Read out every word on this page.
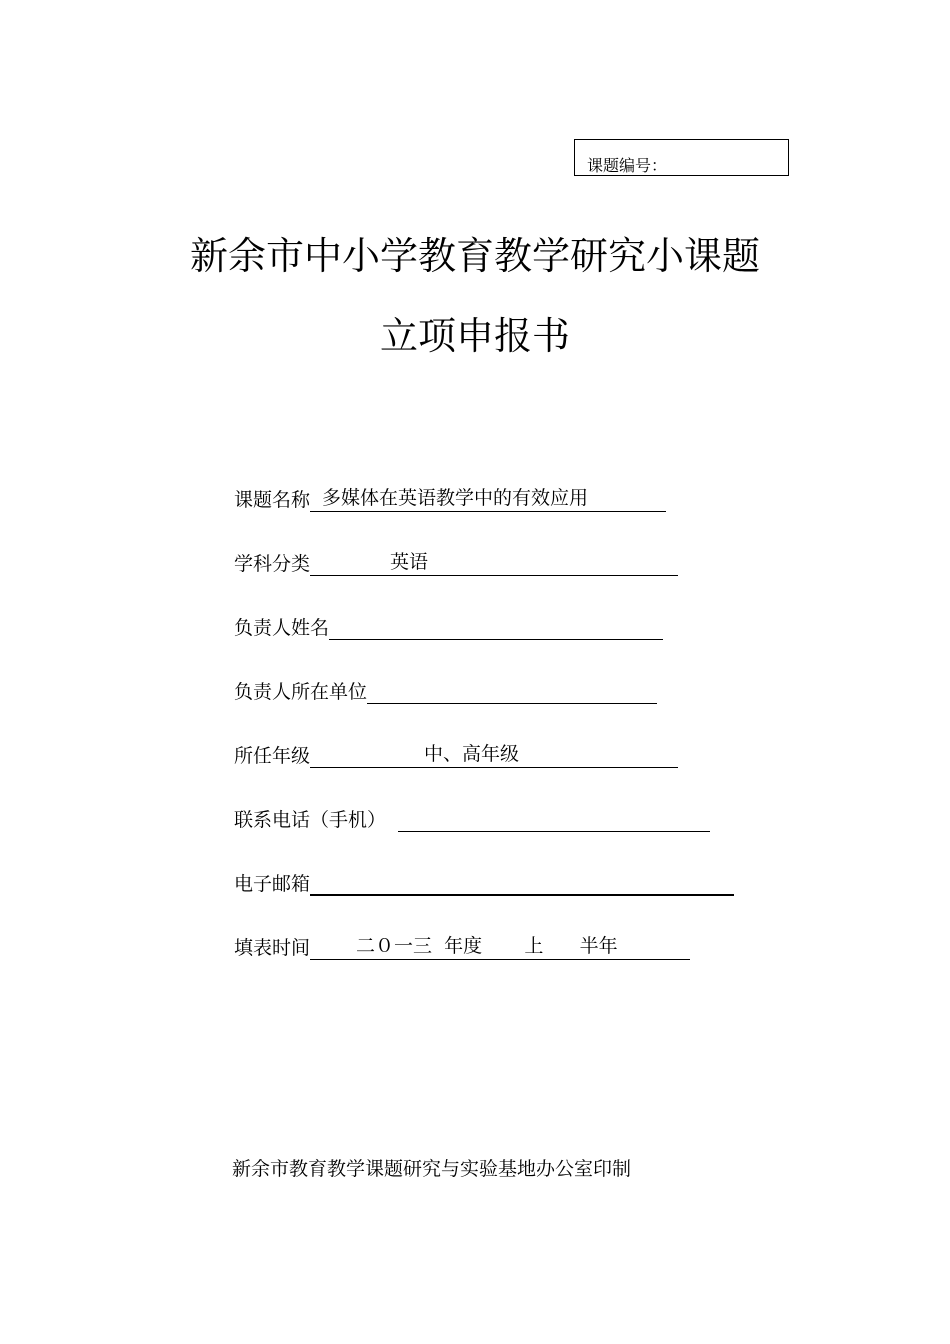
课题编号：
新余市中小学教育教学研究小课题
立项申报书
课题名称 多媒体在英语教学中的有效应用
学科分类	英语
负责人姓名
负责人所在单位
所任年级	中、高年级
联系电话（手机）
电子邮箱
填表时间 二０一三  年度       上      半年
新余市教育教学课题研究与实验基地办公室印制
